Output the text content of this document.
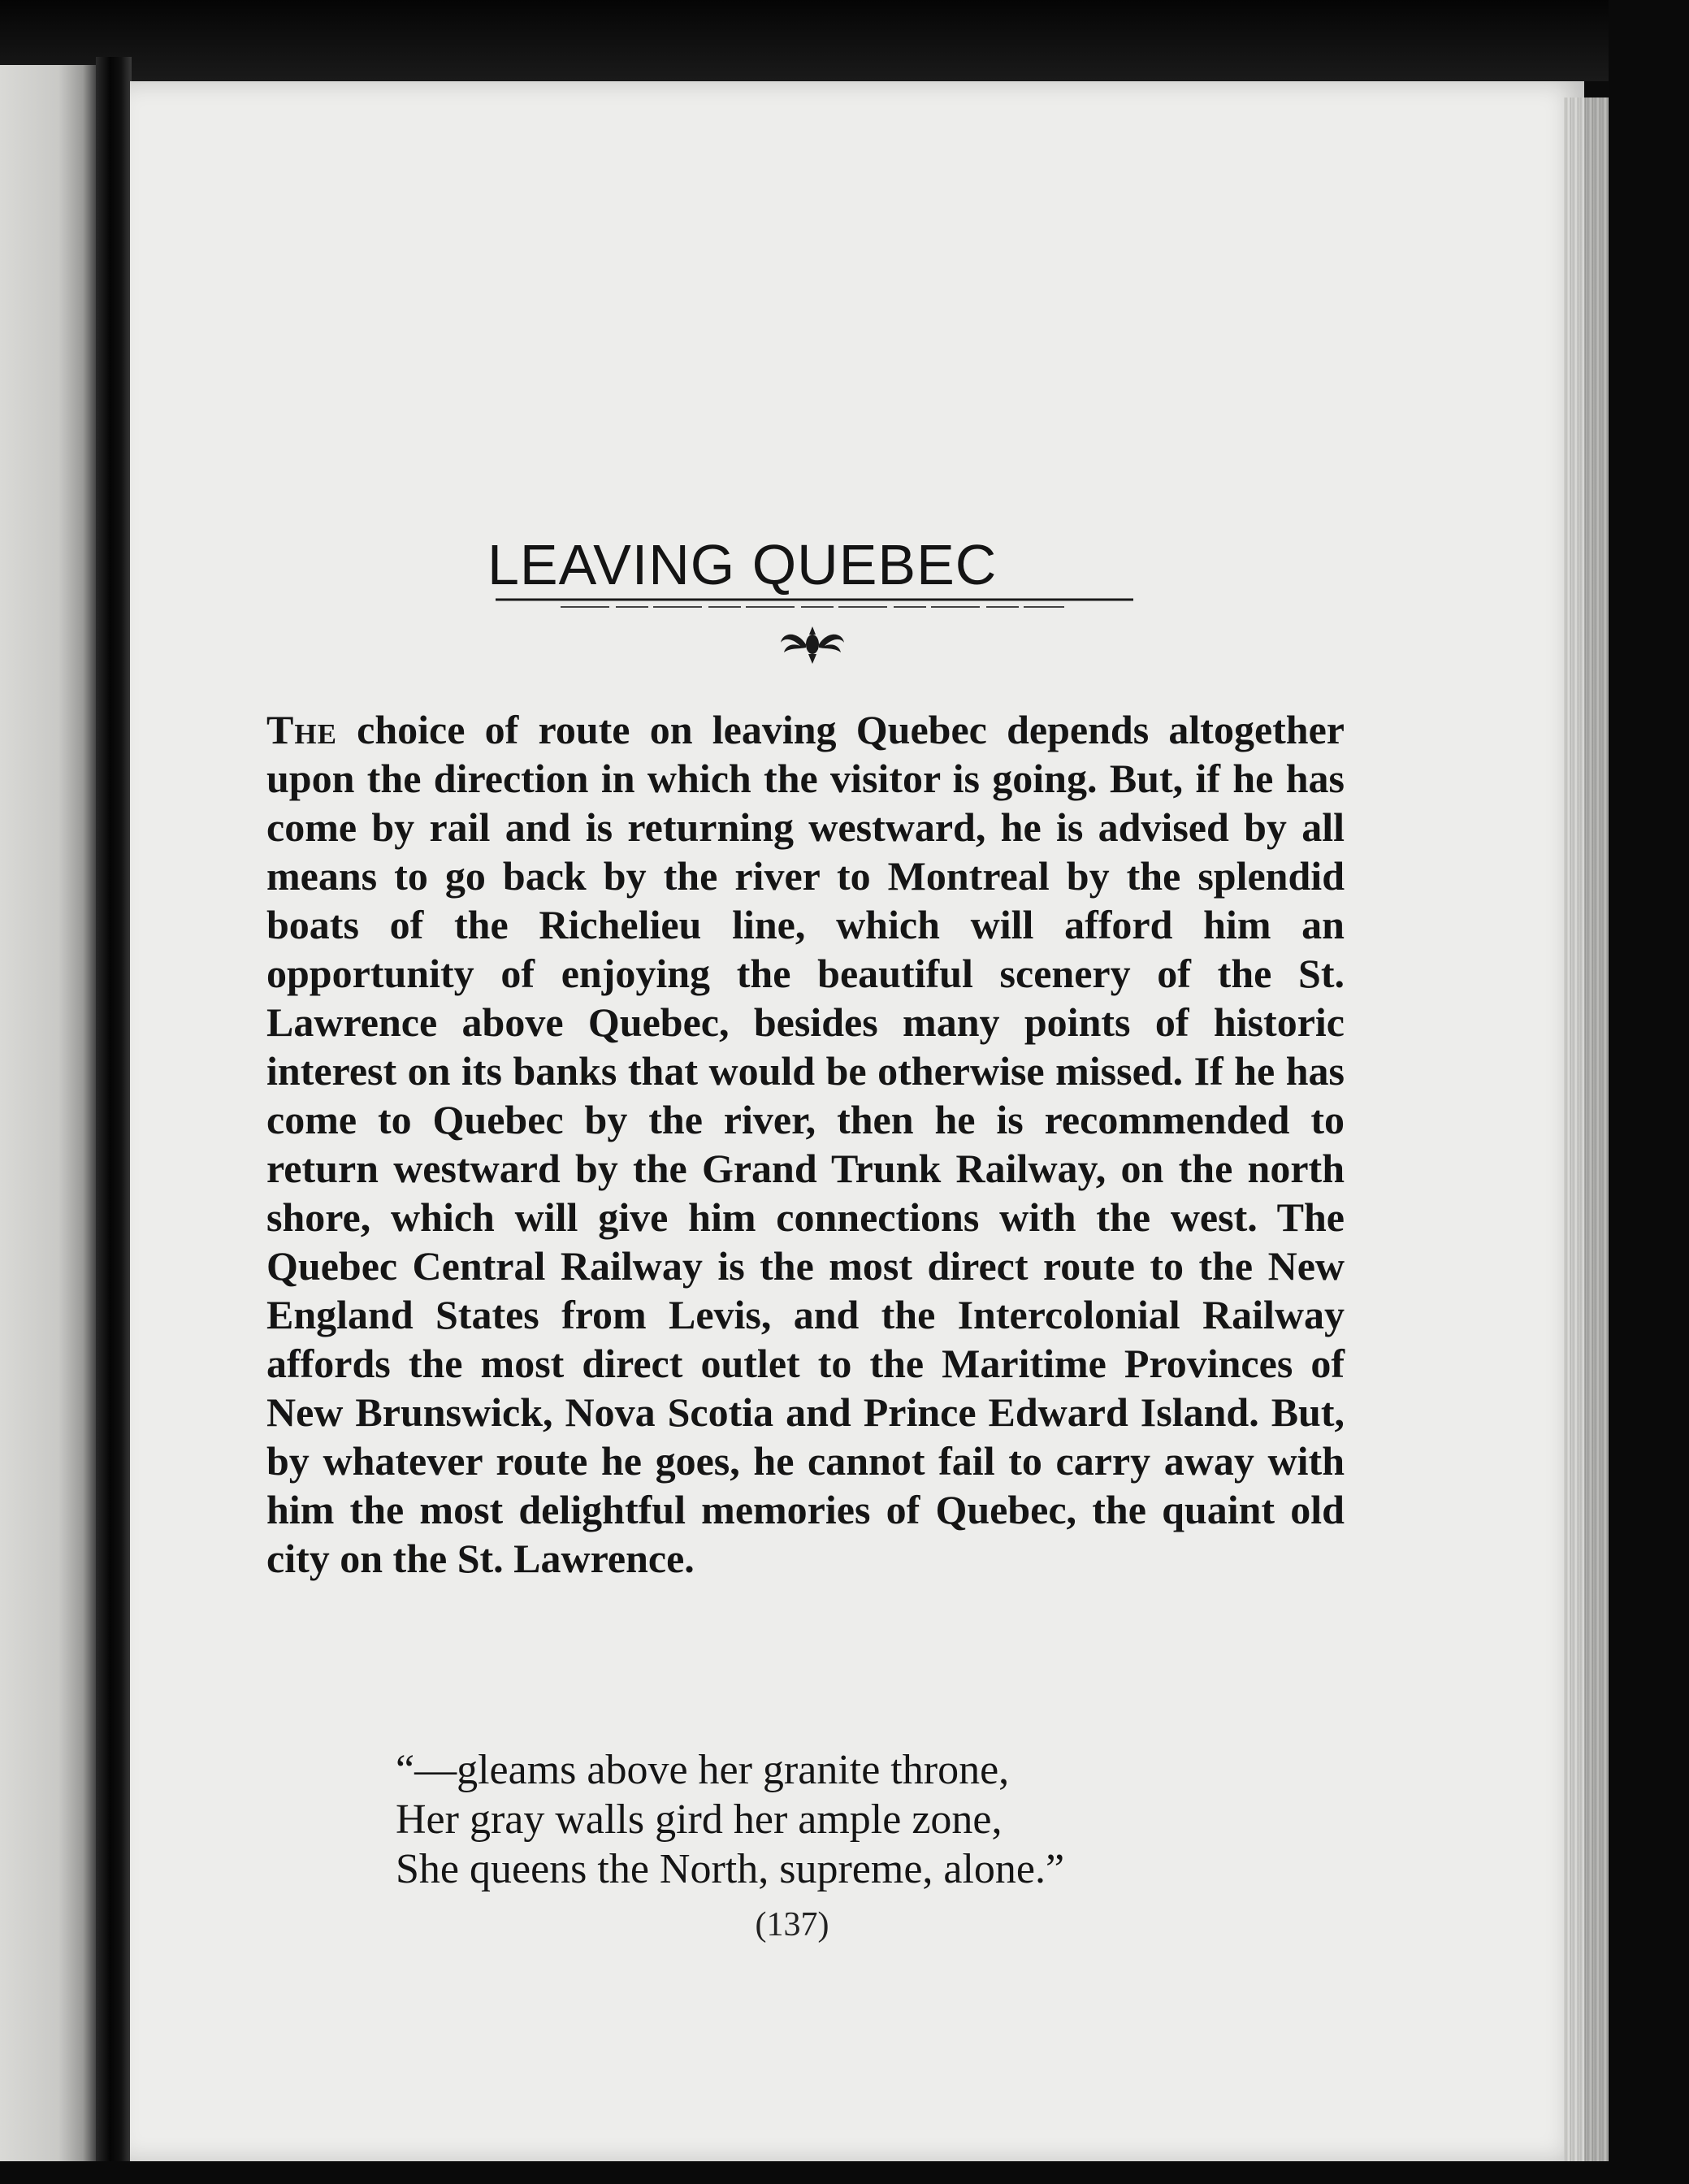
LEAVING QUEBEC

The choice of route on leaving Quebec depends altogether upon the direction in which the visitor is going. But, if he has come by rail and is returning westward, he is advised by all means to go back by the river to Montreal by the splendid boats of the Richelieu line, which will afford him an opportunity of enjoying the beautiful scenery of the St. Lawrence above Quebec, besides many points of historic interest on its banks that would be otherwise missed. If he has come to Quebec by the river, then he is recommended to return westward by the Grand Trunk Railway, on the north shore, which will give him connections with the west. The Quebec Central Railway is the most direct route to the New England States from Levis, and the Intercolonial Railway affords the most direct outlet to the Maritime Provinces of New Brunswick, Nova Scotia and Prince Edward Island. But, by whatever route he goes, he cannot fail to carry away with him the most delightful memories of Quebec, the quaint old city on the St. Lawrence.

“—gleams above her granite throne,
Her gray walls gird her ample zone,
She queens the North, supreme, alone.”
(137)
